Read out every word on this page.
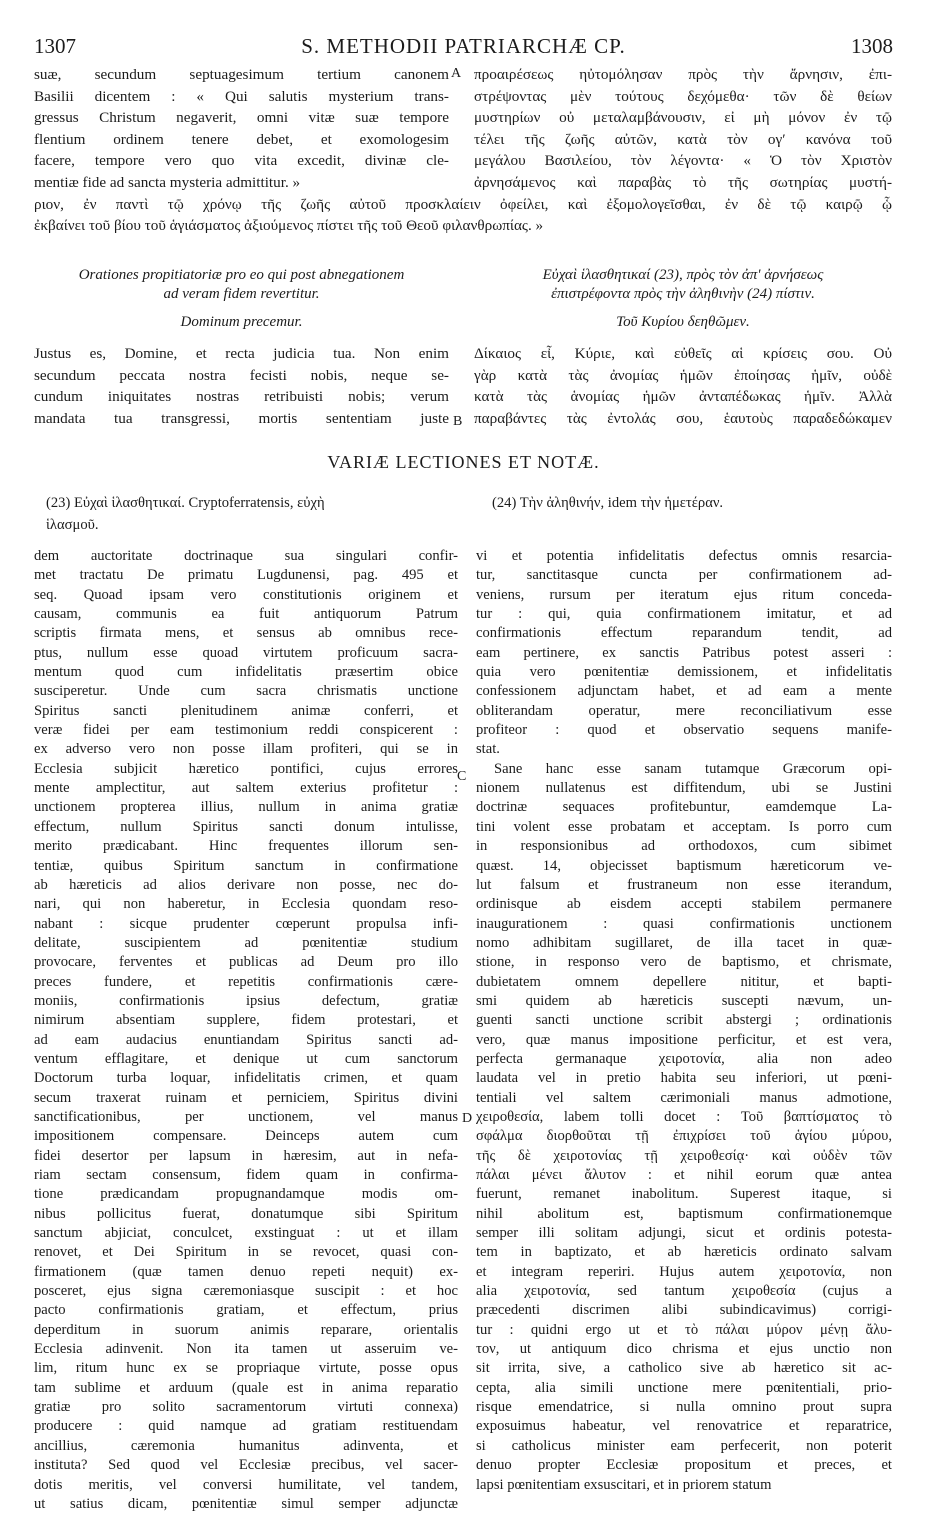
1307	S. METHODII PATRIARCHÆ CP.	1308
suæ, secundum septuagesimum tertium canonem
Basilii dicentem : « Qui salutis mysterium trans-
gressus Christum negaverit, omni vitæ suæ tempore
flentium ordinem tenere debet, et exomologesim
facere, tempore vero quo vita excedit, divinæ cle-
mentiæ fide ad sancta mysteria admittitur. »
προαιρέσεως ηὐτομόλησαν πρὸς τὴν ἄρνησιν, ἐπι-
στρέψοντας μὲν τούτους δεχόμεθα· τῶν δὲ θείων
μυστηρίων οὐ μεταλαμβάνουσιν, εἰ μὴ μόνον ἐν τῷ
τέλει τῆς ζωῆς αὐτῶν, κατὰ τὸν ογʹ κανόνα τοῦ
μεγάλου Βασιλείου, τὸν λέγοντα· « Ὁ τὸν Χριστὸν
ἀρνησάμενος καὶ παραβὰς τὸ τῆς σωτηρίας μυστή-
ριον, ἐν παντὶ τῷ χρόνῳ τῆς ζωῆς αὐτοῦ προσκλαίειν ὀφείλει, καὶ ἐξομολογεῖσθαι, ἐν δὲ τῷ καιρῷ ᾧ
ἐκβαίνει τοῦ βίου τοῦ ἁγιάσματος ἀξιούμενος πίστει τῆς τοῦ Θεοῦ φιλανθρωπίας. »
A
B
C
D
Orationes propitiatoriæ pro eo qui post abnegationem
ad veram fidem revertitur.
Dominum precemur.
Εὐχαὶ ἱλασθητικαί (23), πρὸς τὸν ἀπ' ἀρνήσεως
ἐπιστρέφοντα πρὸς τὴν ἀληθινὴν (24) πίστιν.
Τοῦ Κυρίου δεηθῶμεν.
Justus es, Domine, et recta judicia tua. Non enim
secundum peccata nostra fecisti nobis, neque se-
cundum iniquitates nostras retribuisti nobis; verum
mandata tua transgressi, mortis sententiam juste
Δίκαιος εἶ, Κύριε, καὶ εὐθεῖς αἱ κρίσεις σου. Οὐ
γὰρ κατὰ τὰς ἀνομίας ἡμῶν ἐποίησας ἡμῖν, οὐδὲ
κατὰ τὰς ἁνομίας ἡμῶν ἀνταπέδωκας ἡμῖν. Ἀλλὰ
παραβάντες τὰς ἐντολάς σου, ἑαυτοὺς παραδεδώκαμεν
VARIÆ LECTIONES ET NOTÆ.
(23) Εὐχαὶ ἱλασθητικαί. Cryptoferratensis, εὐχὴ
ἱλασμοῦ.
(24) Τὴν ἀληθινήν, idem τὴν ἡμετέραν.
dem auctoritate doctrinaque sua singulari confir-
met tractatu De primatu Lugdunensi, pag. 495 et
seq. Quoad ipsam vero constitutionis originem et
causam, communis ea fuit antiquorum Patrum
scriptis firmata mens, et sensus ab omnibus rece-
ptus, nullum esse quoad virtutem proficuum sacra-
mentum quod cum infidelitatis præsertim obice
susciperetur. Unde cum sacra chrismatis unctione
Spiritus sancti plenitudinem animæ conferri, et
veræ fidei per eam testimonium reddi conspicerent :
ex adverso vero non posse illam profiteri, qui se in
Ecclesia subjicit hæretico pontifici, cujus errores
mente amplectitur, aut saltem exterius profitetur :
unctionem propterea illius, nullum in anima gratiæ
effectum, nullum Spiritus sancti donum intulisse,
merito prædicabant. Hinc frequentes illorum sen-
tentiæ, quibus Spiritum sanctum in confirmatione
ab hæreticis ad alios derivare non posse, nec do-
nari, qui non haberetur, in Ecclesia quondam reso-
nabant : sicque prudenter cœperunt propulsa infi-
delitate, suscipientem ad pœnitentiæ studium
provocare, ferventes et publicas ad Deum pro illo
preces fundere, et repetitis confirmationis cære-
moniis, confirmationis ipsius defectum, gratiæ
nimirum absentiam supplere, fidem protestari, et
ad eam audacius enuntiandam Spiritus sancti ad-
ventum efflagitare, et denique ut cum sanctorum
Doctorum turba loquar, infidelitatis crimen, et quam
secum traxerat ruinam et perniciem, Spiritus divini
sanctificationibus, per unctionem, vel manus
impositionem compensare. Deinceps autem cum
fidei desertor per lapsum in hæresim, aut in nefa-
riam sectam consensum, fidem quam in confirma-
tione prædicandam propugnandamque modis om-
nibus pollicitus fuerat, donatumque sibi Spiritum
sanctum abjiciat, conculcet, exstinguat : ut et illam
renovet, et Dei Spiritum in se revocet, quasi con-
firmationem (quæ tamen denuo repeti nequit) ex-
posceret, ejus signa cæremoniasque suscipit : et hoc
pacto confirmationis gratiam, et effectum, prius
deperditum in suorum animis reparare, orientalis
Ecclesia adinvenit. Non ita tamen ut asseruim ve-
lim, ritum hunc ex se propriaque virtute, posse opus
tam sublime et arduum (quale est in anima reparatio
gratiæ pro solito sacramentorum virtuti connexa)
producere : quid namque ad gratiam restituendam
ancillius, cæremonia humanitus adinventa, et
instituta? Sed quod vel Ecclesiæ precibus, vel sacer-
dotis meritis, vel conversi humilitate, vel tandem,
ut satius dicam, pœnitentiæ simul semper adjunctæ
vi et potentia infidelitatis defectus omnis resarcia-
tur, sanctitasque cuncta per confirmationem ad-
veniens, rursum per iteratum ejus ritum conceda-
tur : qui, quia confirmationem imitatur, et ad
confirmationis effectum reparandum tendit, ad
eam pertinere, ex sanctis Patribus potest asseri :
quia vero pœnitentiæ demissionem, et infidelitatis
confessionem adjunctam habet, et ad eam a mente
obliterandam operatur, mere reconciliativum esse
profiteor : quod et observatio sequens manife-
stat.
Sane hanc esse sanam tutamque Græcorum opi-
nionem nullatenus est diffitendum, ubi se Justini
doctrinæ sequaces profitebuntur, eamdemque La-
tini volent esse probatam et acceptam. Is porro cum
in responsionibus ad orthodoxos, cum sibimet
quæst. 14, objecisset baptismum hæreticorum ve-
lut falsum et frustraneum non esse iterandum,
ordinisque ab eisdem accepti stabilem permanere
inaugurationem : quasi confirmationis unctionem
nomo adhibitam sugillaret, de illa tacet in quæ-
stione, in responso vero de baptismo, et chrismate,
dubietatem omnem depellere nititur, et bapti-
smi quidem ab hæreticis suscepti nævum, un-
guenti sancti unctione scribit abstergi ; ordinationis
vero, quæ manus impositione perficitur, et est vera,
perfecta germanaque χειροτονία, alia non adeo
laudata vel in pretio habita seu inferiori, ut pœni-
tentiali vel saltem cærimoniali manus admotione,
χειροθεσία, labem tolli docet : Τοῦ βαπτίσματος τὸ
σφάλμα διορθοῦται τῇ ἐπιχρίσει τοῦ ἁγίου μύρου,
τῆς δὲ χειροτονίας τῇ χειροθεσίᾳ· καὶ οὐδὲν τῶν
πάλαι μένει ἄλυτον : et nihil eorum quæ antea
fuerunt, remanet inabolitum. Superest itaque, si
nihil abolitum est, baptismum confirmationemque
semper illi solitam adjungi, sicut et ordinis potesta-
tem in baptizato, et ab hæreticis ordinato salvam
et integram reperiri. Hujus autem χειροτονία, non
alia χειροτονία, sed tantum χειροθεσία (cujus a
præcedenti discrimen alibi subindicavimus) corrigi-
tur : quidni ergo ut et τὸ πάλαι μύρον μένῃ ἄλυ-
τον, ut antiquum dico chrisma et ejus unctio non
sit irrita, sive, a catholico sive ab hæretico sit ac-
cepta, alia simili unctione mere pœnitentiali, prio-
risque emendatrice, si nulla omnino prout supra
exposuimus habeatur, vel renovatrice et reparatrice,
si catholicus minister eam perfecerit, non poterit
denuo propter Ecclesiæ propositum et preces, et
lapsi pœnitentiam exsuscitari, et in priorem statum
